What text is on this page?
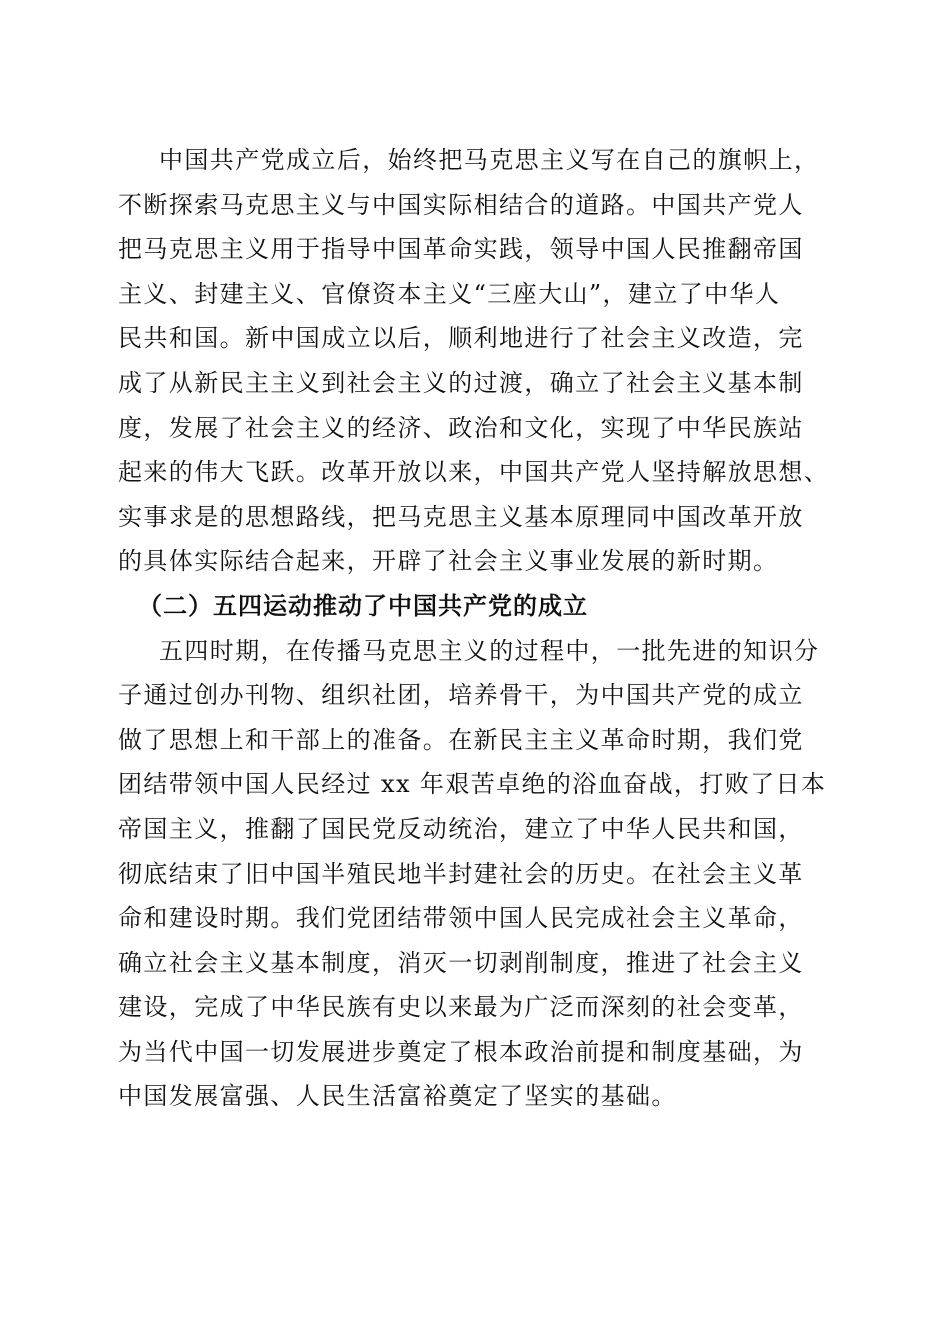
中国共产党成立后，始终把马克思主义写在自己的旗帜上，
不断探索马克思主义与中国实际相结合的道路。中国共产党人
把马克思主义用于指导中国革命实践，领导中国人民推翻帝国
主义、封建主义、官僚资本主义“三座大山”，建立了中华人
民共和国。新中国成立以后，顺利地进行了社会主义改造，完
成了从新民主主义到社会主义的过渡，确立了社会主义基本制
度，发展了社会主义的经济、政治和文化，实现了中华民族站
起来的伟大飞跃。改革开放以来，中国共产党人坚持解放思想、
实事求是的思想路线，把马克思主义基本原理同中国改革开放
的具体实际结合起来，开辟了社会主义事业发展的新时期。
（二）五四运动推动了中国共产党的成立
五四时期，在传播马克思主义的过程中，一批先进的知识分
子通过创办刊物、组织社团，培养骨干，为中国共产党的成立
做了思想上和干部上的准备。在新民主主义革命时期，我们党
团结带领中国人民经过 xx 年艰苦卓绝的浴血奋战，打败了日本
帝国主义，推翻了国民党反动统治，建立了中华人民共和国，
彻底结束了旧中国半殖民地半封建社会的历史。在社会主义革
命和建设时期。我们党团结带领中国人民完成社会主义革命，
确立社会主义基本制度，消灭一切剥削制度，推进了社会主义
建设，完成了中华民族有史以来最为广泛而深刻的社会变革，
为当代中国一切发展进步奠定了根本政治前提和制度基础，为
中国发展富强、人民生活富裕奠定了坚实的基础。
